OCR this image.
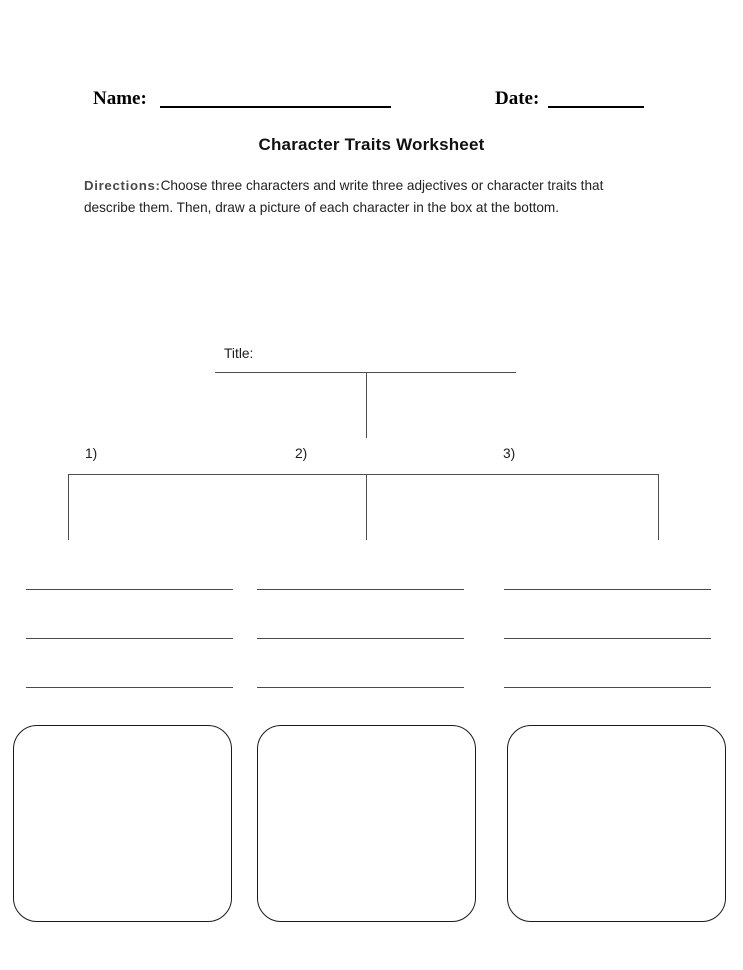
Name:	Date:
Character Traits Worksheet
Directions:Choose three characters and write three adjectives or character traits that describe them. Then, draw a picture of each character in the box at the bottom.
Title:
1)	2)	3)
